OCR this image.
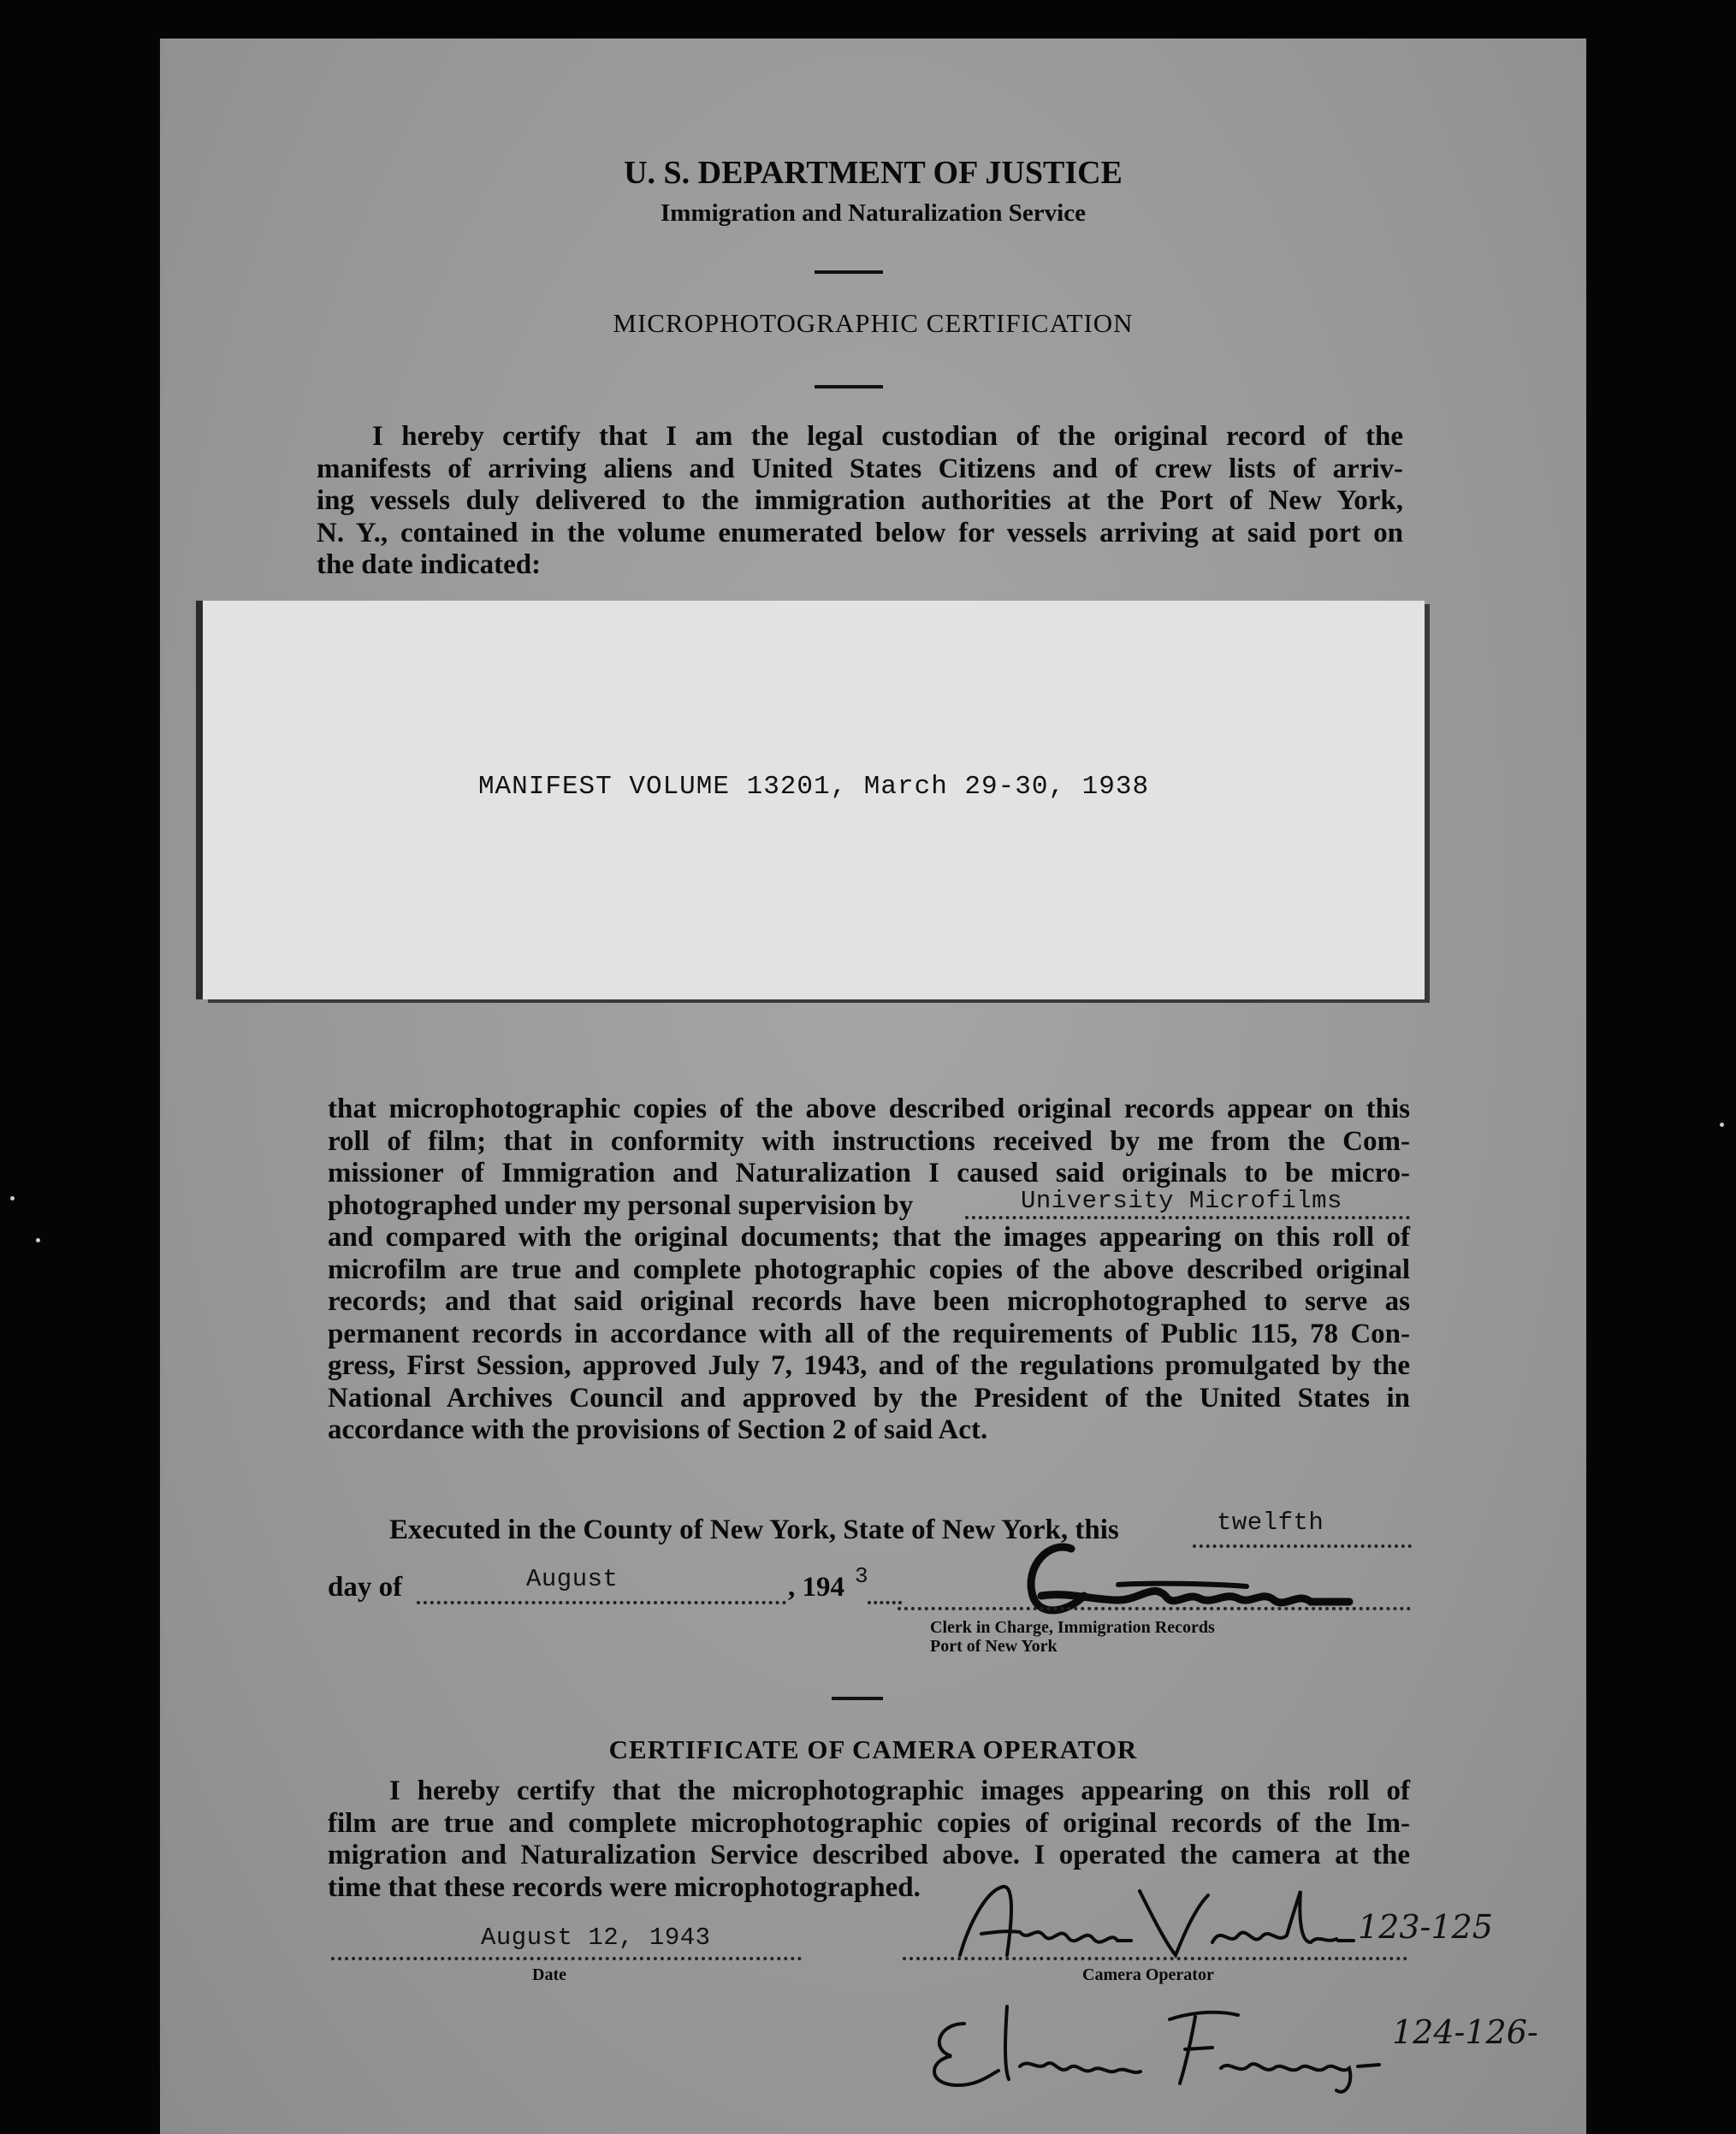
U. S. DEPARTMENT OF JUSTICE
Immigration and Naturalization Service
MICROPHOTOGRAPHIC CERTIFICATION
I hereby certify that I am the legal custodian of the original record of the
manifests of arriving aliens and United States Citizens and of crew lists of arriv-
ing vessels duly delivered to the immigration authorities at the Port of New York,
N. Y., contained in the volume enumerated below for vessels arriving at said port on
the date indicated:
MANIFEST VOLUME 13201, March 29-30, 1938
that microphotographic copies of the above described original records appear on this
roll of film; that in conformity with instructions received by me from the Com-
missioner of Immigration and Naturalization I caused said originals to be micro-
photographed under my personal supervision by	University Microfilms
and compared with the original documents; that the images appearing on this roll of
microfilm are true and complete photographic copies of the above described original
records; and that said original records have been microphotographed to serve as
permanent records in accordance with all of the requirements of Public 115, 78 Con-
gress, First Session, approved July 7, 1943, and of the regulations promulgated by the
National Archives Council and approved by the President of the United States in
accordance with the provisions of Section 2 of said Act.
Executed in the County of New York, State of New York, this	twelfth
day of	August	, 194 3
Clerk in Charge, Immigration Records
Port of New York
CERTIFICATE OF CAMERA OPERATOR
I hereby certify that the microphotographic images appearing on this roll of
film are true and complete microphotographic copies of original records of the Im-
migration and Naturalization Service described above. I operated the camera at the
time that these records were microphotographed.
August 12, 1943
Date
123-125
Camera Operator
124-126-
